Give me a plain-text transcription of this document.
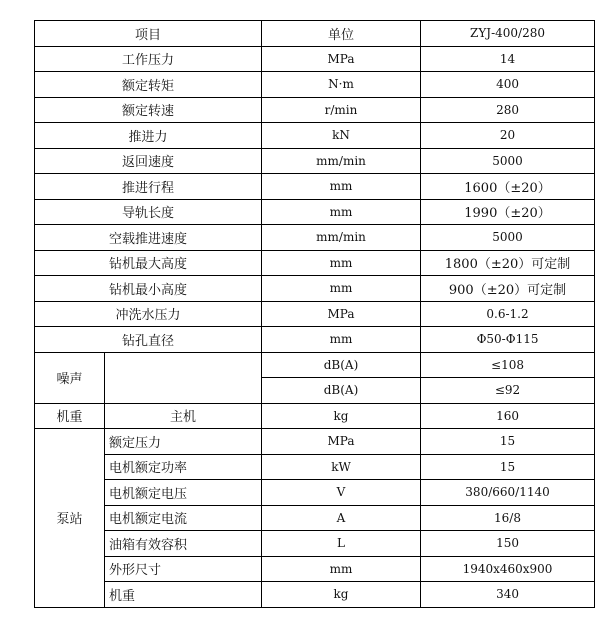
项目		单位	ZYJ-400/280
工作压力		MPa	14
额定转矩		N·m	400
额定转速		r/min	280
推进力		kN	20
返回速度		mm/min	5000
推进行程		mm	1600（±20）
导轨长度		mm	1990（±20）
空载推进速度		mm/min	5000
钻机最大高度		mm	1800（±20）可定制
钻机最小高度		mm	900（±20）可定制
冲洗水压力		MPa	0.6-1.2
钻孔直径		mm	Φ50-Φ115
噪声		dB(A)	≤108
		dB(A)	≤92
机重	主机	kg	160
泵站	额定压力	MPa	15
	电机额定功率	kW	15
	电机额定电压	V	380/660/1140
	电机额定电流	A	16/8
	油箱有效容积	L	150
	外形尺寸	mm	1940x460x900
	机重	kg	340
